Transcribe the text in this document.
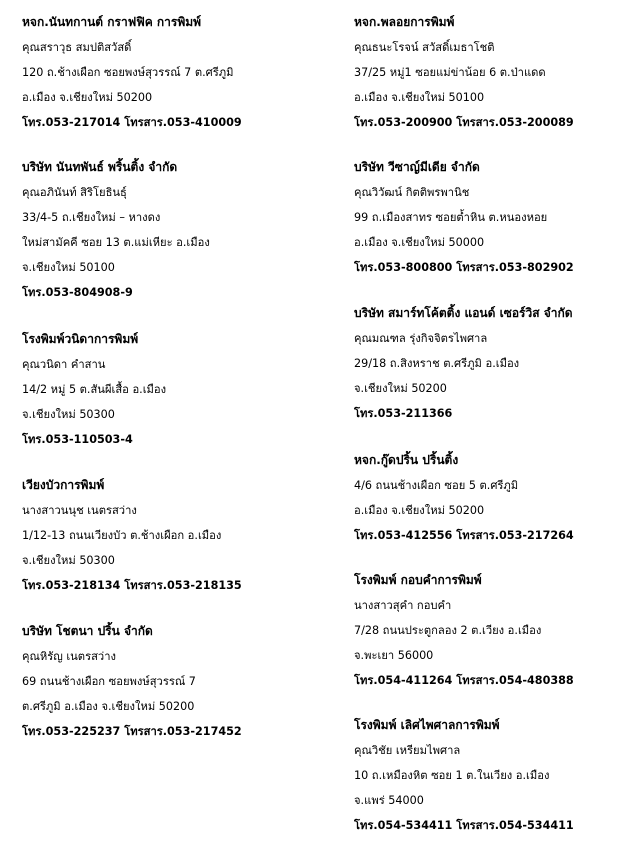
หจก.นันทกานต์ กราฟฟิค การพิมพ์
คุณสราวุธ สมปติสวัสดิ์
120 ถ.ช้างเผือก ซอยพงษ์สุวรรณ์ 7 ต.ศรีภูมิ
อ.เมือง จ.เชียงใหม่ 50200
โทร.053-217014 โทรสาร.053-410009
บริษัท นันทพันธ์ พริ้นติ้ง จำกัด
คุณอภินันท์ สิริโยธินธุ์
33/4-5 ถ.เชียงใหม่ – หางดง
ใหม่สามัคคี ซอย 13 ต.แม่เหียะ อ.เมือง
จ.เชียงใหม่ 50100
โทร.053-804908-9
โรงพิมพ์วนิดาการพิมพ์
คุณวนิดา คำสาน
14/2 หมู่ 5 ต.สันผีเสื้อ อ.เมือง
จ.เชียงใหม่ 50300
โทร.053-110503-4
เวียงบัวการพิมพ์
นางสาวนนุช เนตรสว่าง
1/12-13 ถนนเวียงบัว ต.ช้างเผือก อ.เมือง
จ.เชียงใหม่ 50300
โทร.053-218134 โทรสาร.053-218135
บริษัท โชตนา ปริ้น จำกัด
คุณหิรัญ เนตรสว่าง
69 ถนนช้างเผือก ซอยพงษ์สุวรรณ์ 7
ต.ศรีภูมิ อ.เมือง จ.เชียงใหม่ 50200
โทร.053-225237 โทรสาร.053-217452
หจก.พลอยการพิมพ์
คุณธนะโรจน์ สวัสดิ์เมธาโชติ
37/25 หมู่1 ซอยแม่ข่าน้อย 6 ต.ป่าแดด
อ.เมือง จ.เชียงใหม่ 50100
โทร.053-200900 โทรสาร.053-200089
บริษัท วีซาญ์มีเดีย จำกัด
คุณวิวัฒน์ กิตติพรพานิช
99 ถ.เมืองสาทร ซอยต้ำหิน ต.หนองหอย
อ.เมือง จ.เชียงใหม่ 50000
โทร.053-800800 โทรสาร.053-802902
บริษัท สมาร์ทโค้ตติ้ง แอนด์ เซอร์วิส จำกัด
คุณมณฑล รุ่งกิจจิตรไพศาล
29/18 ถ.สิงหราช ต.ศรีภูมิ อ.เมือง
จ.เชียงใหม่ 50200
โทร.053-211366
หจก.กู๊ดปริ้น ปริ้นติ้ง
4/6 ถนนช้างเผือก ซอย 5 ต.ศรีภูมิ
อ.เมือง จ.เชียงใหม่ 50200
โทร.053-412556 โทรสาร.053-217264
โรงพิมพ์ กอบคำการพิมพ์
นางสาวสุคำ กอบคำ
7/28 ถนนประตูกลอง 2 ต.เวียง อ.เมือง
จ.พะเยา 56000
โทร.054-411264 โทรสาร.054-480388
โรงพิมพ์ เลิศไพศาลการพิมพ์
คุณวิชัย เหรียมไพศาล
10 ถ.เหมืองหิต ซอย 1 ต.ในเวียง อ.เมือง
จ.แพร่ 54000
โทร.054-534411 โทรสาร.054-534411
